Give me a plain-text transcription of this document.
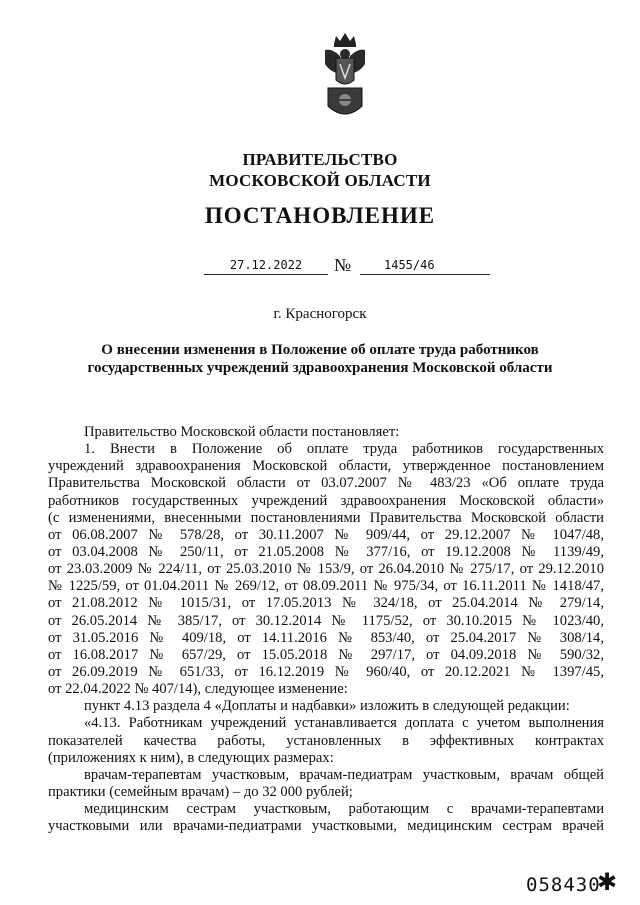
ПРАВИТЕЛЬСТВО
МОСКОВСКОЙ ОБЛАСТИ
ПОСТАНОВЛЕНИЕ
27.12.2022	№	1455/46
г. Красногорск
О внесении изменения в Положение об оплате труда работников
государственных учреждений здравоохранения Московской области
Правительство Московской области постановляет:
1. Внести в Положение об оплате труда работников государственных
учреждений здравоохранения Московской области, утвержденное постановлением
Правительства Московской области от 03.07.2007 № 483/23 «Об оплате труда
работников государственных учреждений здравоохранения Московской области»
(с изменениями, внесенными постановлениями Правительства Московской области
от 06.08.2007 № 578/28, от 30.11.2007 № 909/44, от 29.12.2007 № 1047/48,
от 03.04.2008 № 250/11, от 21.05.2008 № 377/16, от 19.12.2008 № 1139/49,
от 23.03.2009 № 224/11, от 25.03.2010 № 153/9, от 26.04.2010 № 275/17, от 29.12.2010
№ 1225/59, от 01.04.2011 № 269/12, от 08.09.2011 № 975/34, от 16.11.2011 № 1418/47,
от 21.08.2012 № 1015/31, от 17.05.2013 № 324/18, от 25.04.2014 № 279/14,
от 26.05.2014 № 385/17, от 30.12.2014 № 1175/52, от 30.10.2015 № 1023/40,
от 31.05.2016 № 409/18, от 14.11.2016 № 853/40, от 25.04.2017 № 308/14,
от 16.08.2017 № 657/29, от 15.05.2018 № 297/17, от 04.09.2018 № 590/32,
от 26.09.2019 № 651/33, от 16.12.2019 № 960/40, от 20.12.2021 № 1397/45,
от 22.04.2022 № 407/14), следующее изменение:
пункт 4.13 раздела 4 «Доплаты и надбавки» изложить в следующей редакции:
«4.13. Работникам учреждений устанавливается доплата с учетом выполнения
показателей качества работы, установленных в эффективных контрактах
(приложениях к ним), в следующих размерах:
врачам-терапевтам участковым, врачам-педиатрам участковым, врачам общей
практики (семейным врачам) – до 32 000 рублей;
медицинским сестрам участковым, работающим с врачами-терапевтами
участковыми или врачами-педиатрами участковыми, медицинским сестрам врачей
058430
✱
